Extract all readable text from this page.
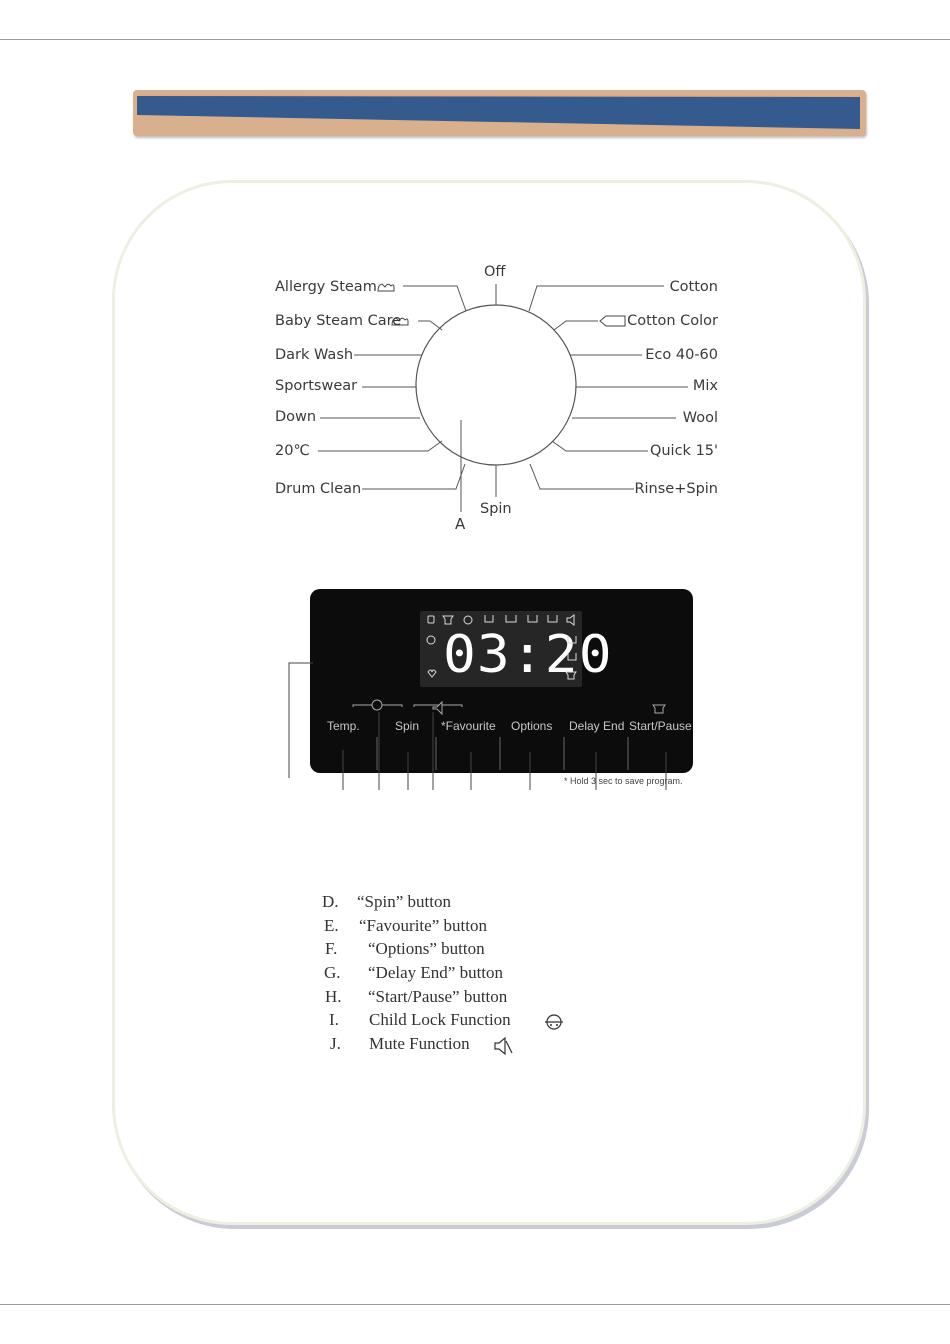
Off
Spin
A
Allergy Steam
Baby Steam Care
Dark Wash
Sportswear
Down
20℃
Drum Clean
Cotton
Cotton Color
Eco 40-60
Mix
Wool
Quick 15'
Rinse+Spin
03:20
Temp.	Spin *Favourite Options Delay End Start/Pause
* Hold 3 sec to save program.
D. “Spin” button
E. “Favourite” button
F. “Options” button
G. “Delay End” button
H. “Start/Pause” button
I. Child Lock Function
J. Mute Function
